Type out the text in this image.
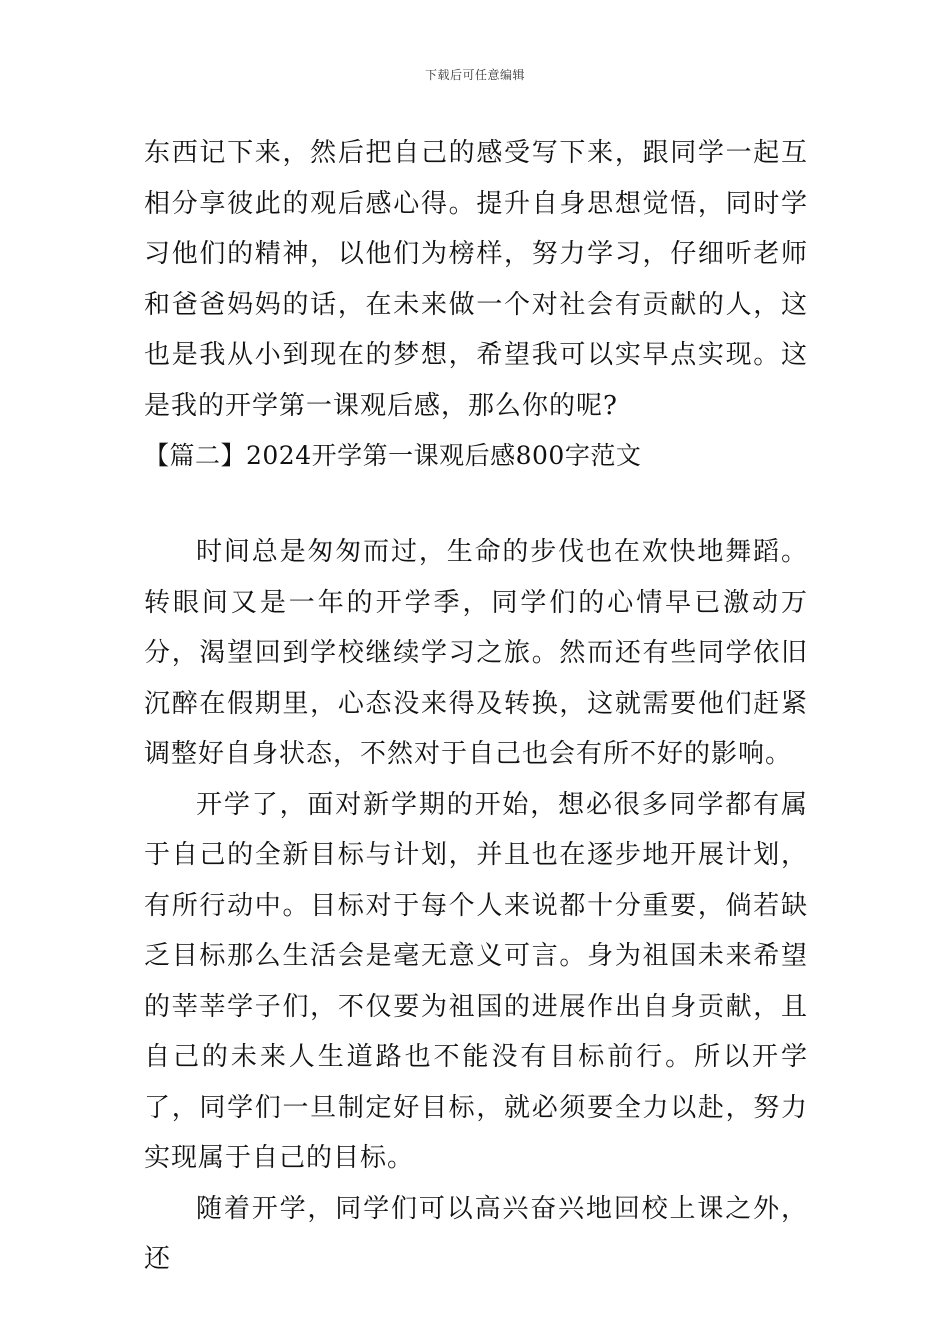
下载后可任意编辑

东西记下来，然后把自己的感受写下来，跟同学一起互相分享彼此的观后感心得。提升自身思想觉悟，同时学习他们的精神，以他们为榜样，努力学习，仔细听老师和爸爸妈妈的话，在未来做一个对社会有贡献的人，这也是我从小到现在的梦想，希望我可以实早点实现。这是我的开学第一课观后感，那么你的呢?

【篇二】2024开学第一课观后感800字范文

时间总是匆匆而过，生命的步伐也在欢快地舞蹈。转眼间又是一年的开学季，同学们的心情早已激动万分，渴望回到学校继续学习之旅。然而还有些同学依旧沉醉在假期里，心态没来得及转换，这就需要他们赶紧调整好自身状态，不然对于自己也会有所不好的影响。

开学了，面对新学期的开始，想必很多同学都有属于自己的全新目标与计划，并且也在逐步地开展计划，有所行动中。目标对于每个人来说都十分重要，倘若缺乏目标那么生活会是毫无意义可言。身为祖国未来希望的莘莘学子们，不仅要为祖国的进展作出自身贡献，且自己的未来人生道路也不能没有目标前行。所以开学了，同学们一旦制定好目标，就必须要全力以赴，努力实现属于自己的目标。

随着开学，同学们可以高兴奋兴地回校上课之外，还
